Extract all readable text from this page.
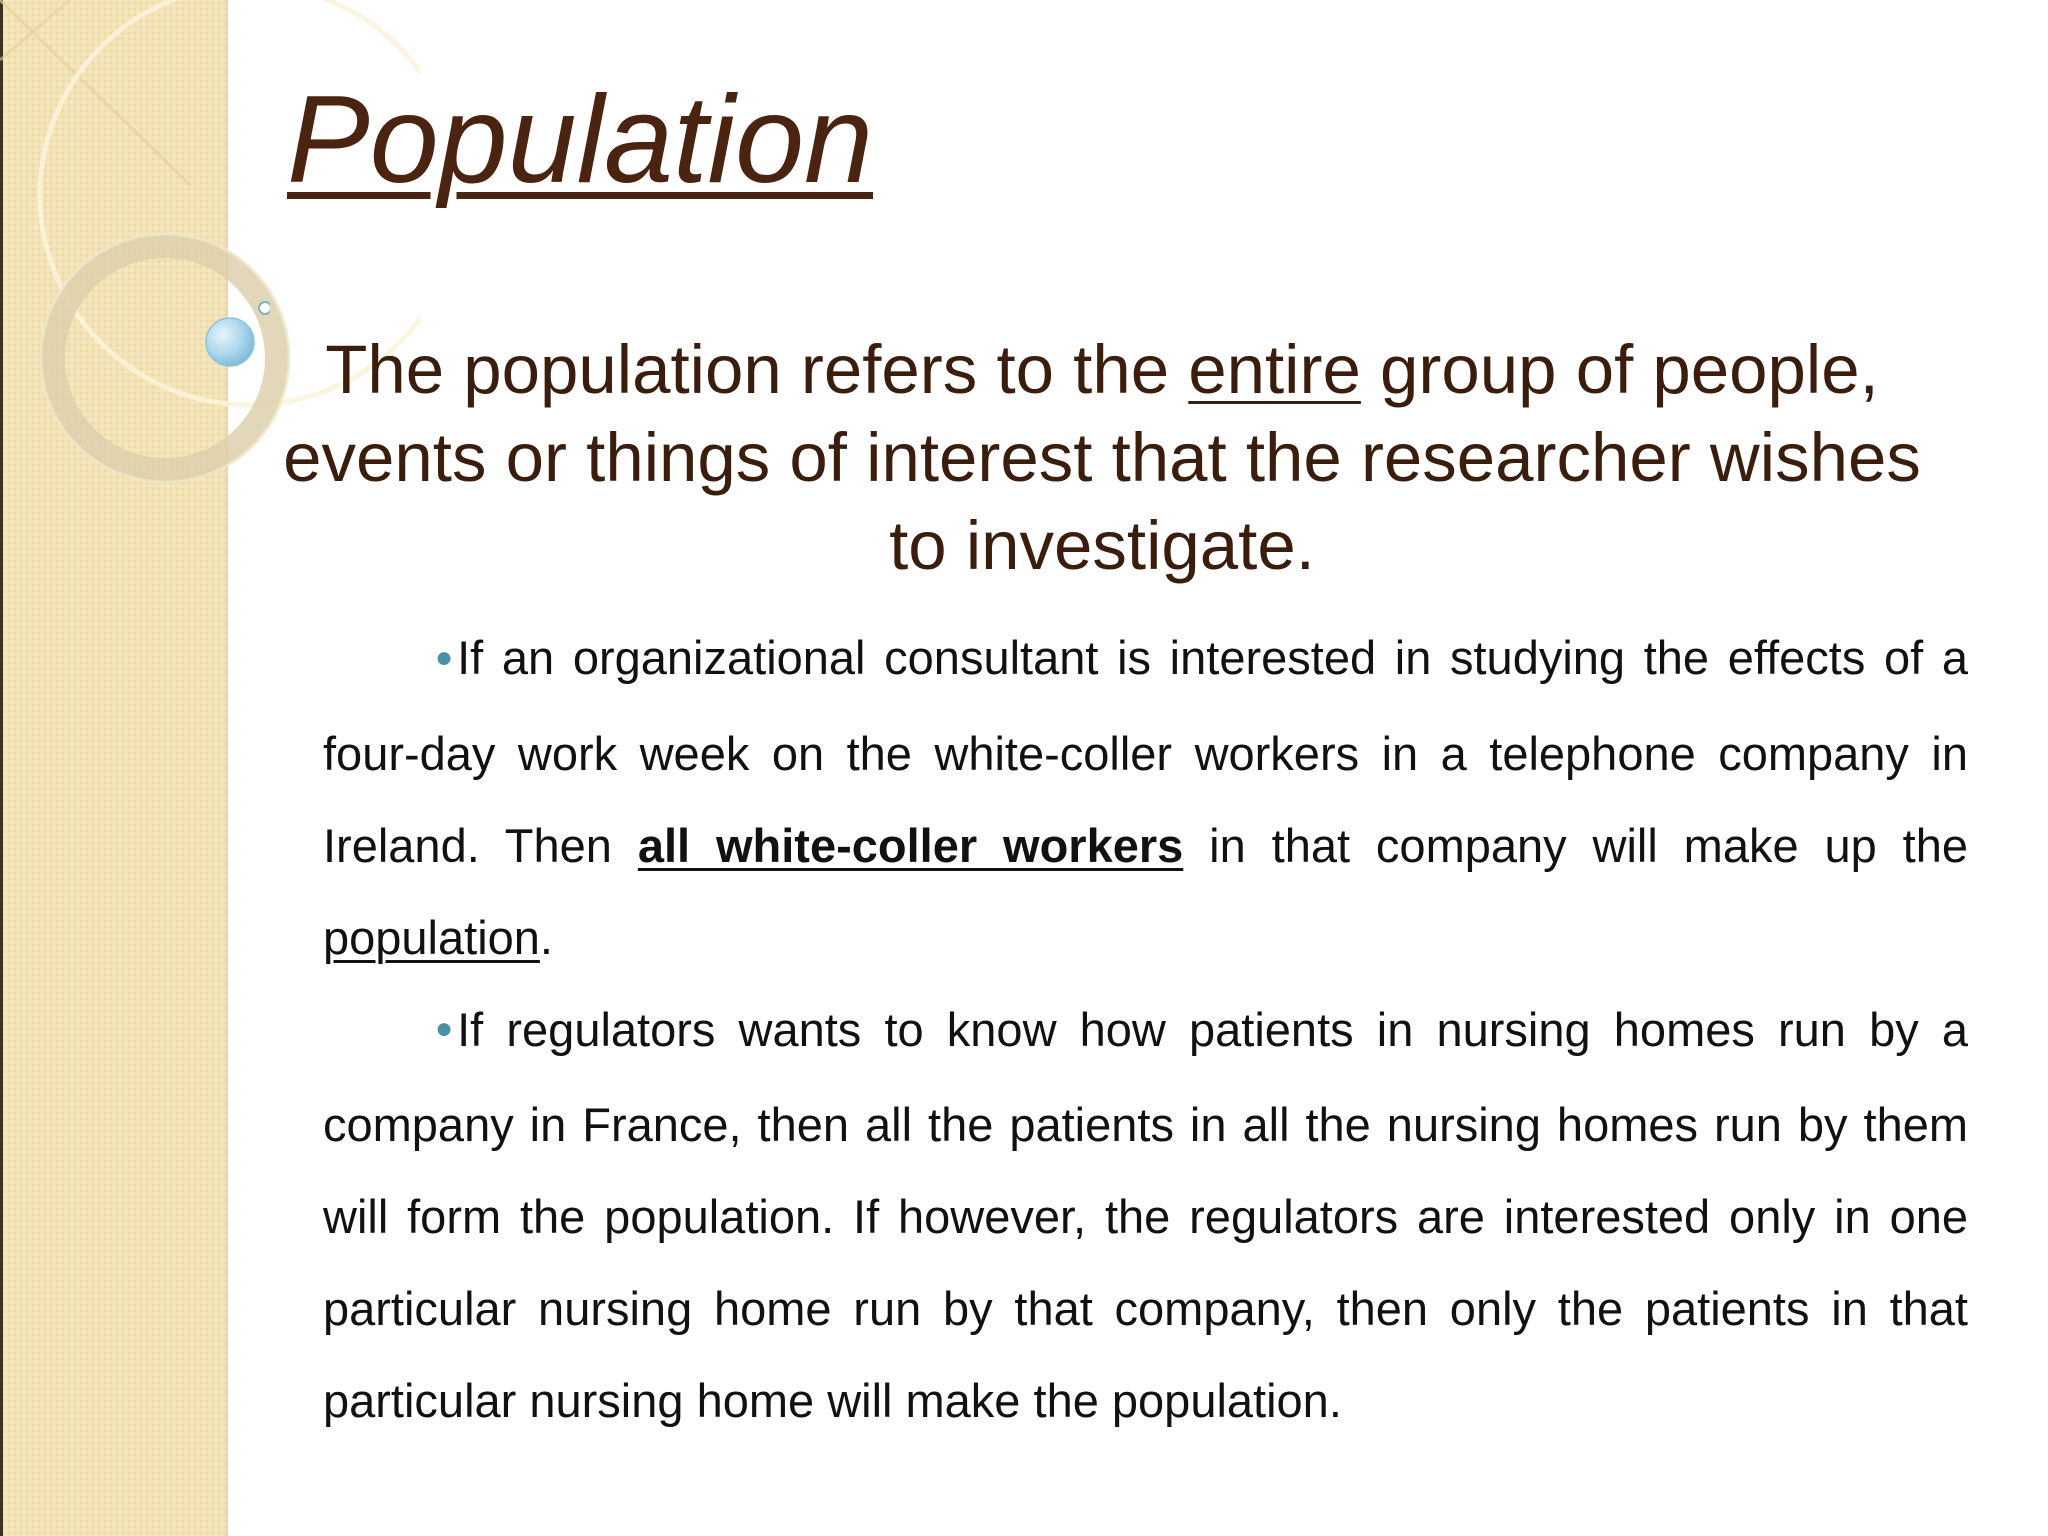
Population

The population refers to the entire group of people, events or things of interest that the researcher wishes to investigate.

●If an organizational consultant is interested in studying the effects of a four-day work week on the white-coller workers in a telephone company in Ireland. Then all white-coller workers in that company will make up the population.

●If regulators wants to know how patients in nursing homes run by a company in France, then all the patients in all the nursing homes run by them will form the population. If however, the regulators are interested only in one particular nursing home run by that company, then only the patients in that particular nursing home will make the population.
